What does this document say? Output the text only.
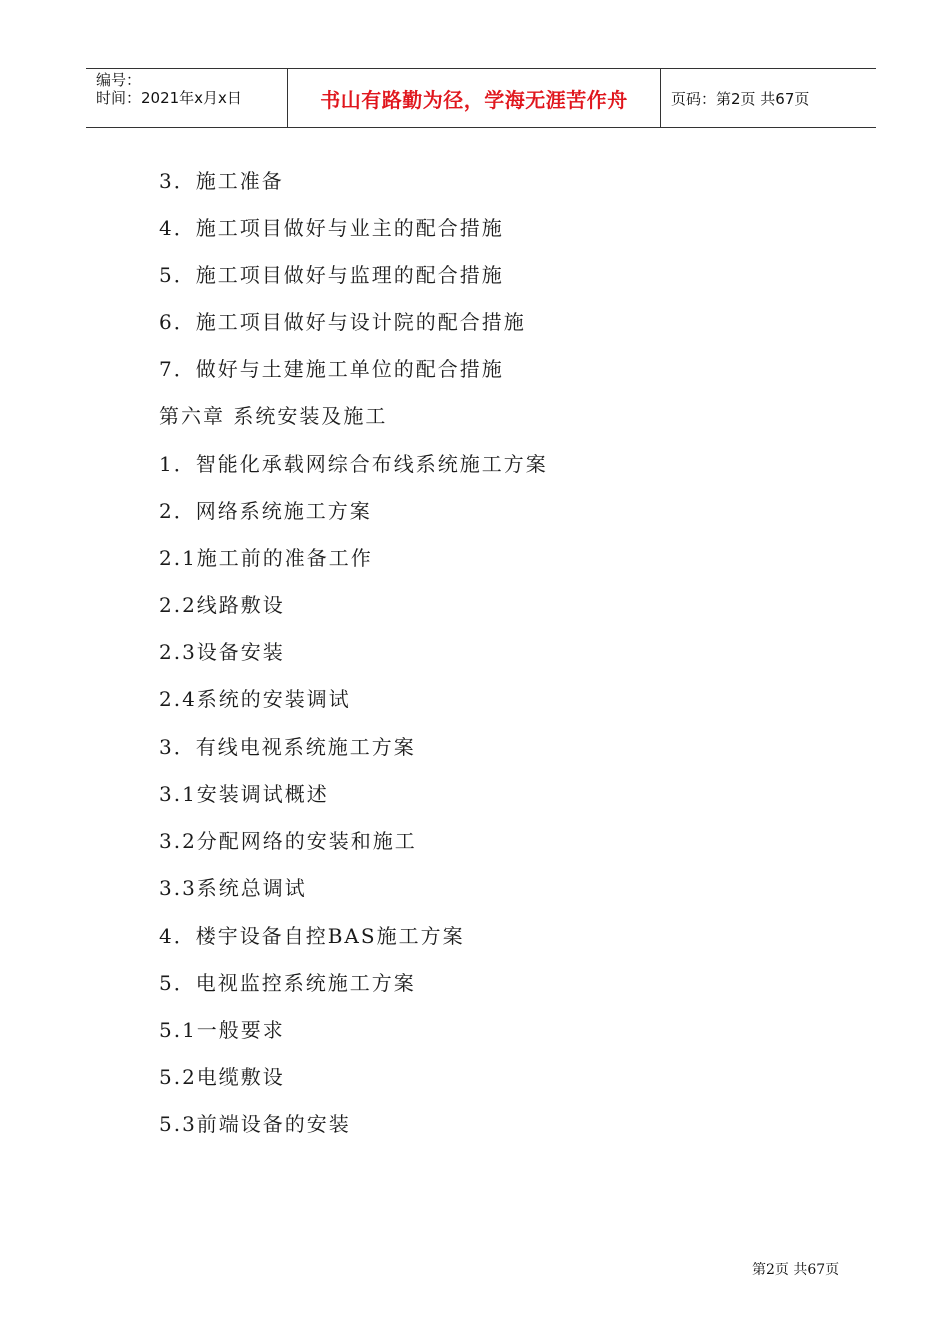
编号：
时间：2021年x月x日	书山有路勤为径，学海无涯苦作舟	页码：第2页 共67页
3．施工准备
4．施工项目做好与业主的配合措施
5．施工项目做好与监理的配合措施
6．施工项目做好与设计院的配合措施
7．做好与土建施工单位的配合措施
第六章 系统安装及施工
1．智能化承载网综合布线系统施工方案
2．网络系统施工方案
2.1施工前的准备工作
2.2线路敷设
2.3设备安装
2.4系统的安装调试
3．有线电视系统施工方案
3.1安装调试概述
3.2分配网络的安装和施工
3.3系统总调试
4．楼宇设备自控BAS施工方案
5．电视监控系统施工方案
5.1一般要求
5.2电缆敷设
5.3前端设备的安装
第2页 共67页
